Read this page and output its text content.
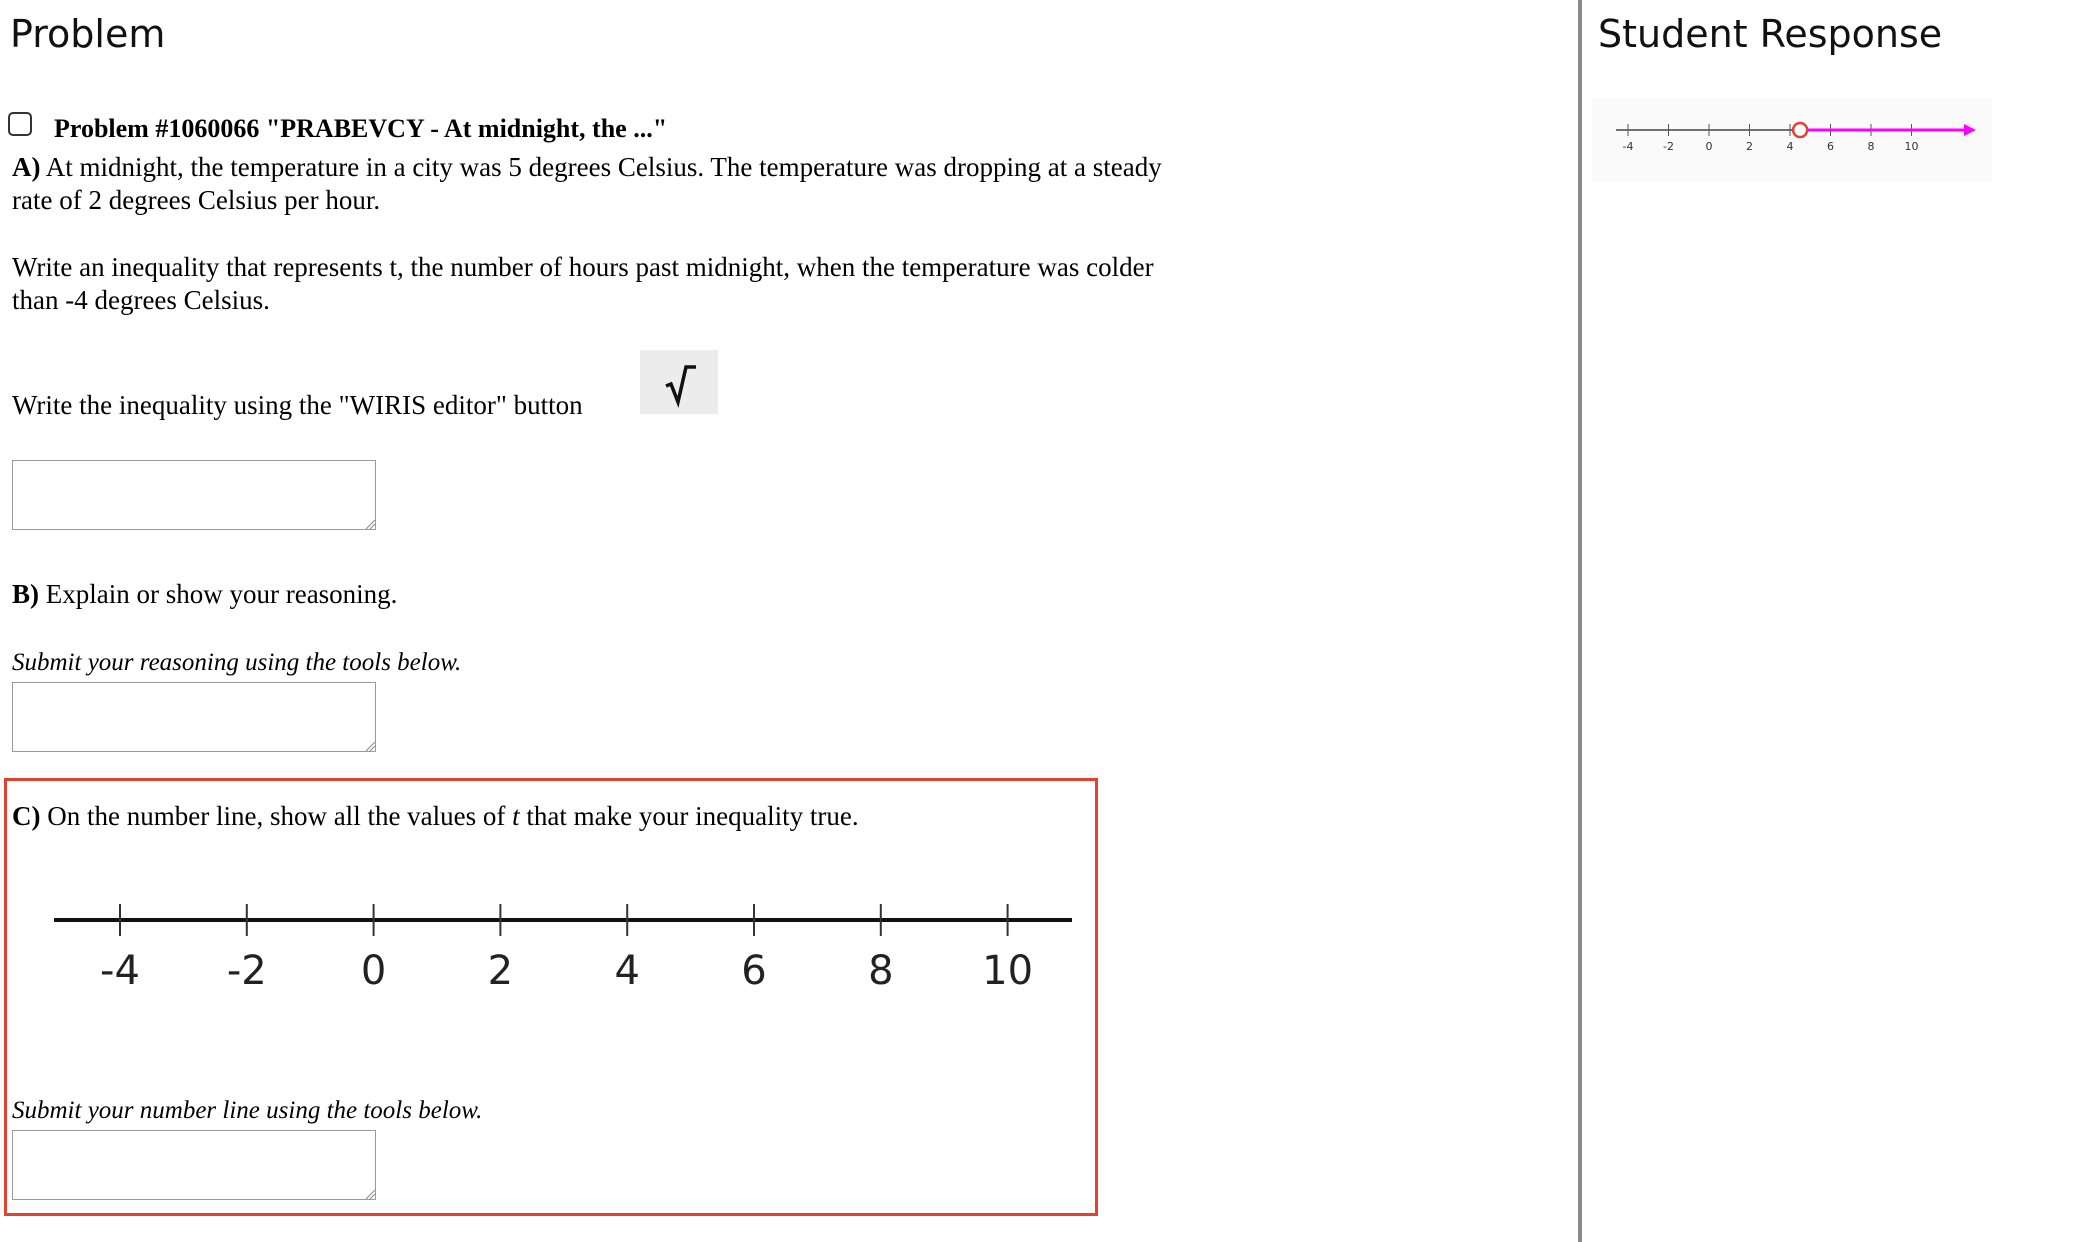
Problem
Problem #1060066 "PRABEVCY - At midnight, the ..."
A) At midnight, the temperature in a city was 5 degrees Celsius. The temperature was dropping at a steady
rate of 2 degrees Celsius per hour.
Write an inequality that represents t, the number of hours past midnight, when the temperature was colder
than -4 degrees Celsius.
Write the inequality using the "WIRIS editor" button
B) Explain or show your reasoning.
Submit your reasoning using the tools below.
C) On the number line, show all the values of t that make your inequality true.
-4 -2 0	2	4	6	8 10
Submit your number line using the tools below.
Student Response
-4	-2	0	2	4	6	8	10
